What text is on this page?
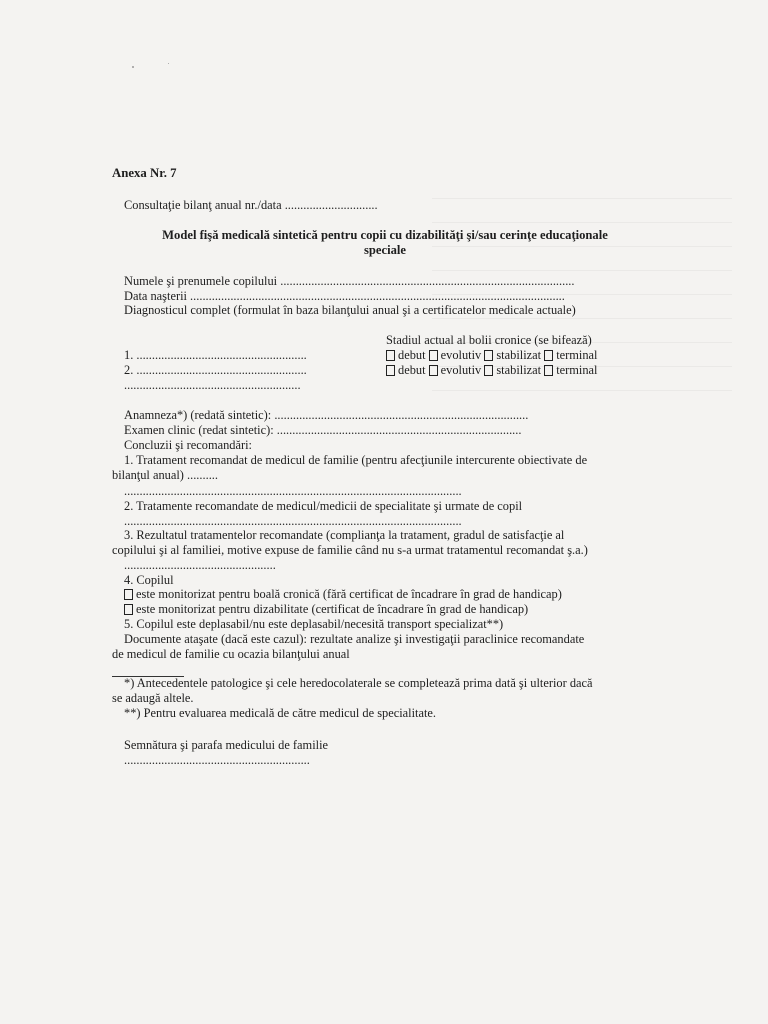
Anexa Nr. 7
Consultaţie bilanţ anual nr./data ..............................
Model fişă medicală sintetică pentru copii cu dizabilităţi şi/sau cerinţe educaţionale
speciale
Numele şi prenumele copilului ...............................................................................................
Data naşterii .........................................................................................................................
Diagnosticul complet (formulat în baza bilanţului anual şi a certificatelor medicale actuale)
Stadiul actual al bolii cronice (se bifează)
1. .......................................................	debut evolutiv stabilizat terminal
2. .......................................................	debut evolutiv stabilizat terminal
.........................................................
Anamneza*) (redată sintetic): ..................................................................................
Examen clinic (redat sintetic): ...............................................................................
Concluzii şi recomandări:
1. Tratament recomandat de medicul de familie (pentru afecţiunile intercurente obiectivate de
bilanţul anual) ..........
.............................................................................................................
2. Tratamente recomandate de medicul/medicii de specialitate şi urmate de copil
.............................................................................................................
3. Rezultatul tratamentelor recomandate (complianţa la tratament, gradul de satisfacţie al
copilului şi al familiei, motive expuse de familie când nu s-a urmat tratamentul recomandat ş.a.)
.................................................
4. Copilul
este monitorizat pentru boală cronică (fără certificat de încadrare în grad de handicap)
este monitorizat pentru dizabilitate (certificat de încadrare în grad de handicap)
5. Copilul este deplasabil/nu este deplasabil/necesită transport specializat**)
Documente ataşate (dacă este cazul): rezultate analize şi investigaţii paraclinice recomandate
de medicul de familie cu ocazia bilanţului anual
*) Antecedentele patologice şi cele heredocolaterale se completează prima dată şi ulterior dacă
se adaugă altele.
**) Pentru evaluarea medicală de către medicul de specialitate.
Semnătura şi parafa medicului de familie
............................................................
